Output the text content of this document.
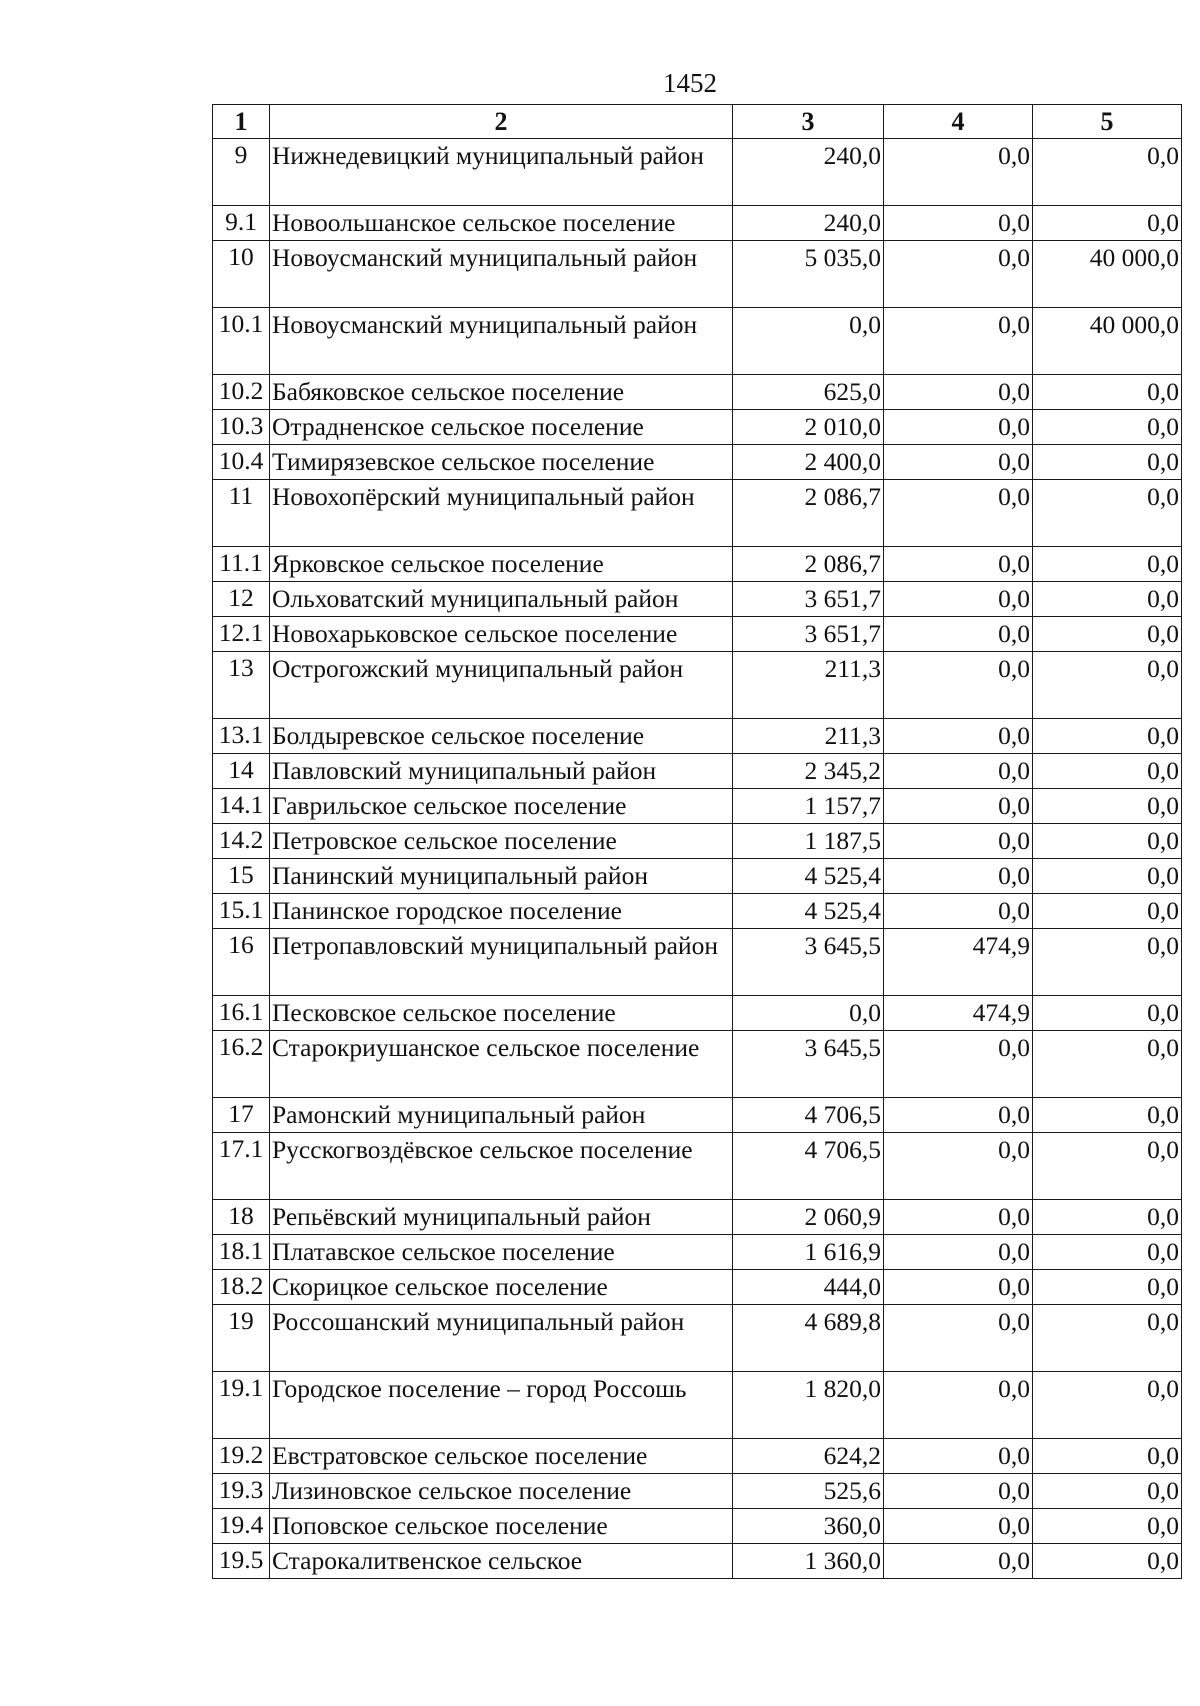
1452
1	2	3	4	5
9	Нижнедевицкий муниципальный район	240,0	0,0	0,0
9.1	Новоольшанское сельское поселение	240,0	0,0	0,0
10	Новоусманский муниципальный район	5 035,0	0,0	40 000,0
10.1	Новоусманский муниципальный район	0,0	0,0	40 000,0
10.2	Бабяковское сельское поселение	625,0	0,0	0,0
10.3	Отрадненское сельское поселение	2 010,0	0,0	0,0
10.4	Тимирязевское сельское поселение	2 400,0	0,0	0,0
11	Новохопёрский муниципальный район	2 086,7	0,0	0,0
11.1	Ярковское сельское поселение	2 086,7	0,0	0,0
12	Ольховатский муниципальный район	3 651,7	0,0	0,0
12.1	Новохарьковское сельское поселение	3 651,7	0,0	0,0
13	Острогожский муниципальный район	211,3	0,0	0,0
13.1	Болдыревское сельское поселение	211,3	0,0	0,0
14	Павловский муниципальный район	2 345,2	0,0	0,0
14.1	Гаврильское сельское поселение	1 157,7	0,0	0,0
14.2	Петровское сельское поселение	1 187,5	0,0	0,0
15	Панинский муниципальный район	4 525,4	0,0	0,0
15.1	Панинское городское поселение	4 525,4	0,0	0,0
16	Петропавловский муниципальный район	3 645,5	474,9	0,0
16.1	Песковское сельское поселение	0,0	474,9	0,0
16.2	Старокриушанское сельское поселение	3 645,5	0,0	0,0
17	Рамонский муниципальный район	4 706,5	0,0	0,0
17.1	Русскогвоздёвское сельское поселение	4 706,5	0,0	0,0
18	Репьёвский муниципальный район	2 060,9	0,0	0,0
18.1	Платавское сельское поселение	1 616,9	0,0	0,0
18.2	Скорицкое сельское поселение	444,0	0,0	0,0
19	Россошанский муниципальный район	4 689,8	0,0	0,0
19.1	Городское поселение – город Россошь	1 820,0	0,0	0,0
19.2	Евстратовское сельское поселение	624,2	0,0	0,0
19.3	Лизиновское сельское поселение	525,6	0,0	0,0
19.4	Поповское сельское поселение	360,0	0,0	0,0
19.5	Старокалитвенское сельское	1 360,0	0,0	0,0
